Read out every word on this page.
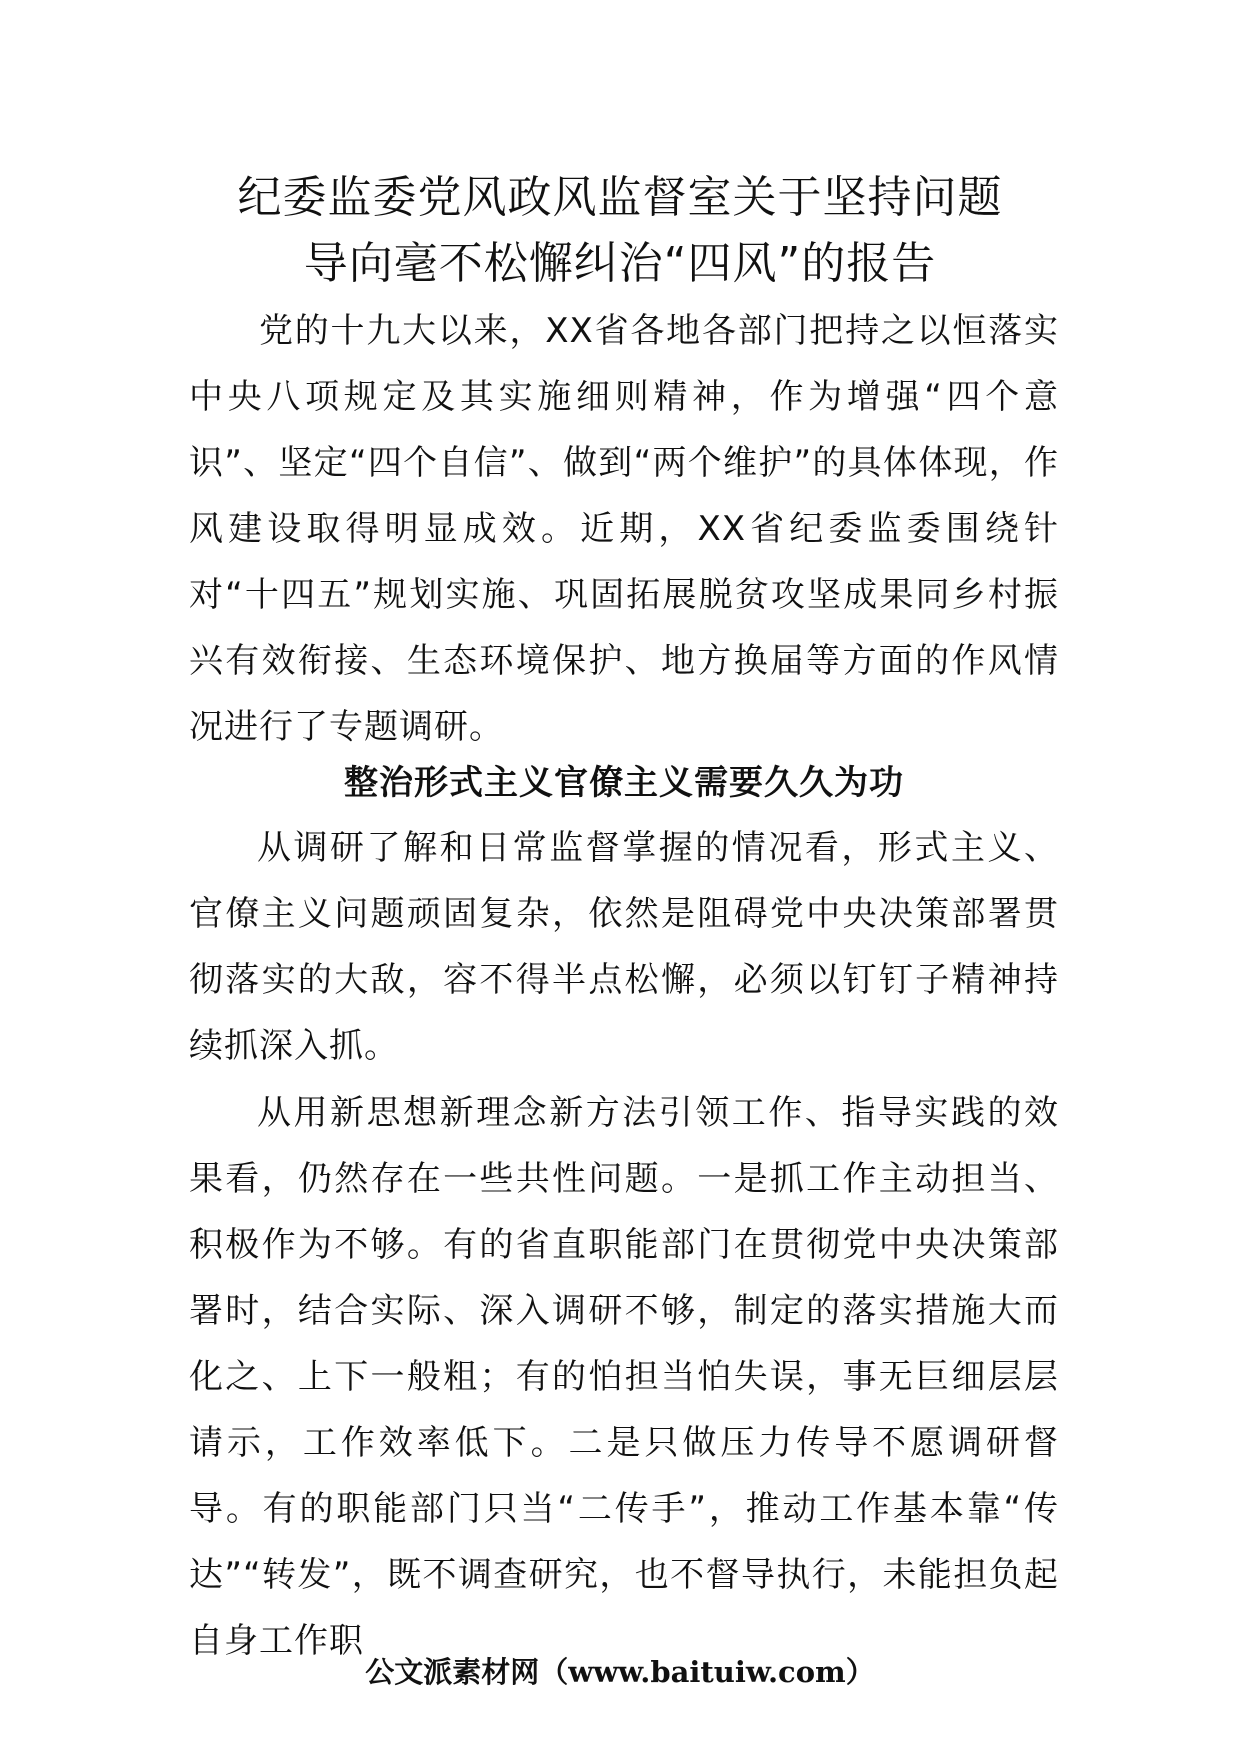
纪委监委党风政风监督室关于坚持问题
导向毫不松懈纠治“四风”的报告

党的十九大以来，XX省各地各部门把持之以恒落实中央八项规定及其实施细则精神，作为增强“四个意识”、坚定“四个自信”、做到“两个维护”的具体体现，作风建设取得明显成效。近期，XX省纪委监委围绕针对“十四五”规划实施、巩固拓展脱贫攻坚成果同乡村振兴有效衔接、生态环境保护、地方换届等方面的作风情况进行了专题调研。

整治形式主义官僚主义需要久久为功

从调研了解和日常监督掌握的情况看，形式主义、官僚主义问题顽固复杂，依然是阻碍党中央决策部署贯彻落实的大敌，容不得半点松懈，必须以钉钉子精神持续抓深入抓。

从用新思想新理念新方法引领工作、指导实践的效果看，仍然存在一些共性问题。一是抓工作主动担当、积极作为不够。有的省直职能部门在贯彻党中央决策部署时，结合实际、深入调研不够，制定的落实措施大而化之、上下一般粗；有的怕担当怕失误，事无巨细层层请示，工作效率低下。二是只做压力传导不愿调研督导。有的职能部门只当“二传手”，推动工作基本靠“传达”“转发”，既不调查研究，也不督导执行，未能担负起自身工作职

公文派素材网（www.baituiw.com）
